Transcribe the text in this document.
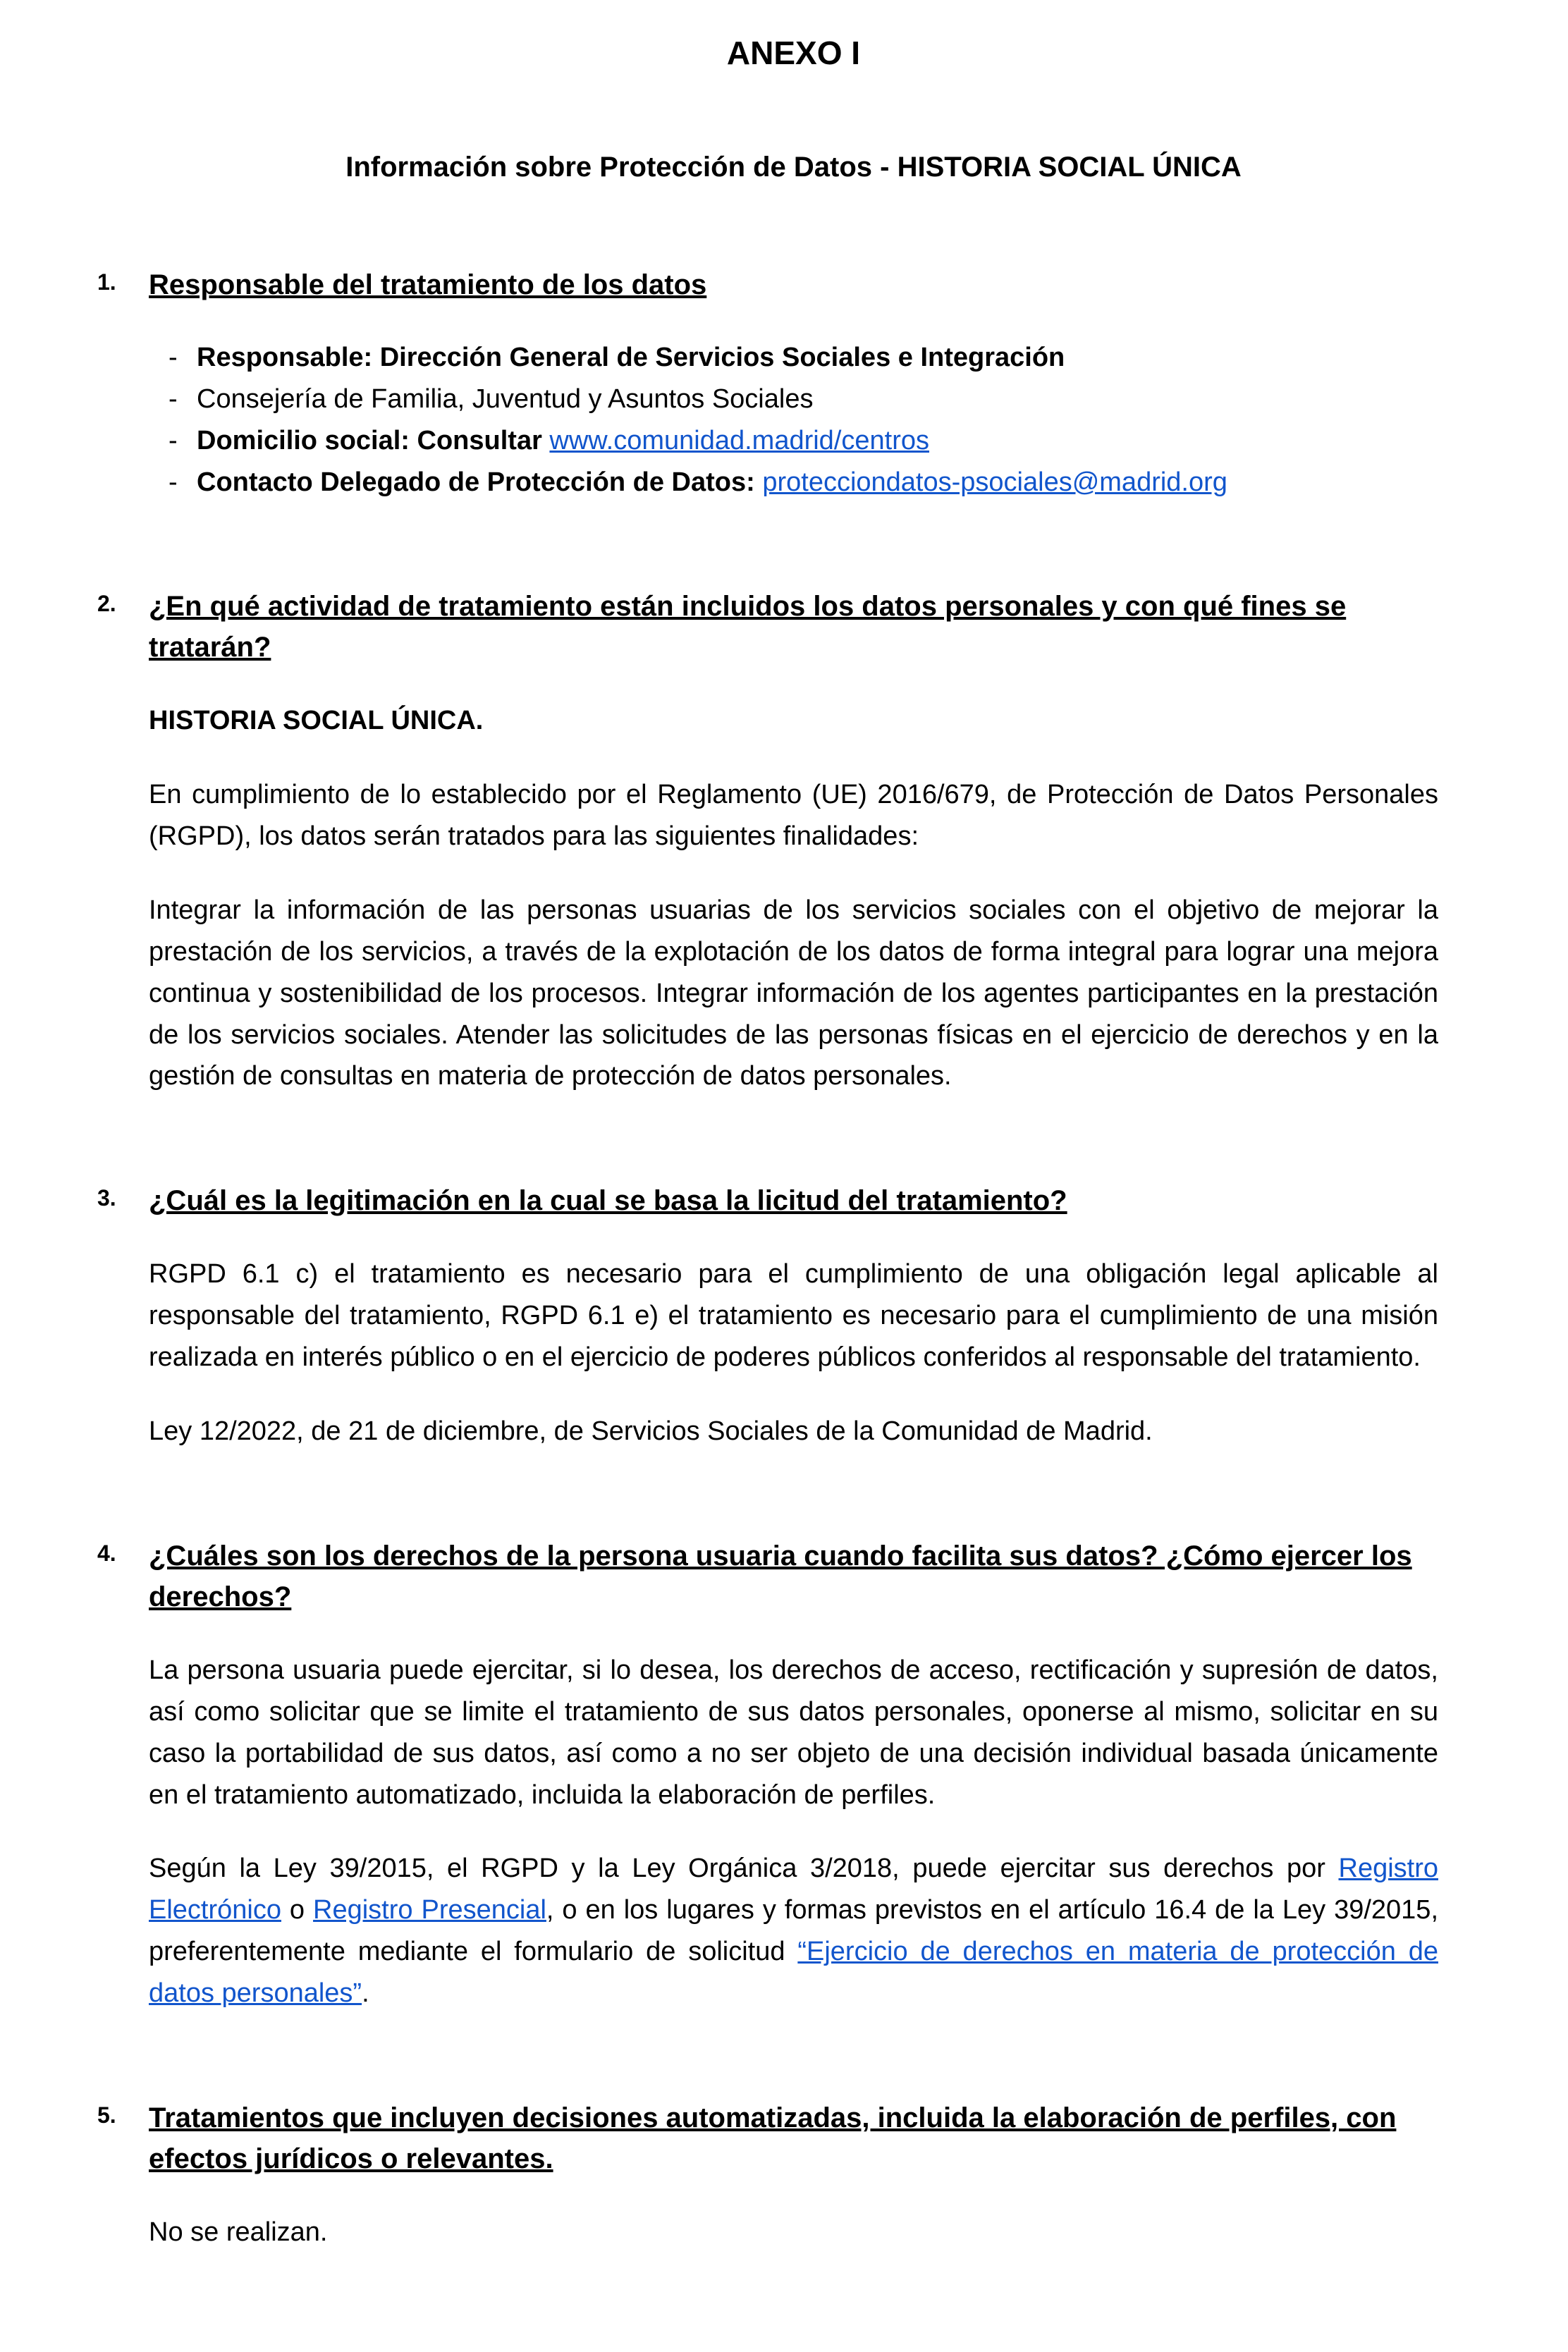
ANEXO I
Información sobre Protección de Datos - HISTORIA SOCIAL ÚNICA
1. Responsable del tratamiento de los datos
- Responsable: Dirección General de Servicios Sociales e Integración
- Consejería de Familia, Juventud y Asuntos Sociales
- Domicilio social: Consultar www.comunidad.madrid/centros
- Contacto Delegado de Protección de Datos: protecciondatos-psociales@madrid.org
2. ¿En qué actividad de tratamiento están incluidos los datos personales y con qué fines se tratarán?

HISTORIA SOCIAL ÚNICA.

En cumplimiento de lo establecido por el Reglamento (UE) 2016/679, de Protección de Datos Personales (RGPD), los datos serán tratados para las siguientes finalidades:

Integrar la información de las personas usuarias de los servicios sociales con el objetivo de mejorar la prestación de los servicios, a través de la explotación de los datos de forma integral para lograr una mejora continua y sostenibilidad de los procesos. Integrar información de los agentes participantes en la prestación de los servicios sociales. Atender las solicitudes de las personas físicas en el ejercicio de derechos y en la gestión de consultas en materia de protección de datos personales.

3. ¿Cuál es la legitimación en la cual se basa la licitud del tratamiento?

RGPD 6.1 c) el tratamiento es necesario para el cumplimiento de una obligación legal aplicable al responsable del tratamiento, RGPD 6.1 e) el tratamiento es necesario para el cumplimiento de una misión realizada en interés público o en el ejercicio de poderes públicos conferidos al responsable del tratamiento.

Ley 12/2022, de 21 de diciembre, de Servicios Sociales de la Comunidad de Madrid.

4. ¿Cuáles son los derechos de la persona usuaria cuando facilita sus datos? ¿Cómo ejercer los derechos?

La persona usuaria puede ejercitar, si lo desea, los derechos de acceso, rectificación y supresión de datos, así como solicitar que se limite el tratamiento de sus datos personales, oponerse al mismo, solicitar en su caso la portabilidad de sus datos, así como a no ser objeto de una decisión individual basada únicamente en el tratamiento automatizado, incluida la elaboración de perfiles.

Según la Ley 39/2015, el RGPD y la Ley Orgánica 3/2018, puede ejercitar sus derechos por Registro Electrónico o Registro Presencial, o en los lugares y formas previstos en el artículo 16.4 de la Ley 39/2015, preferentemente mediante el formulario de solicitud “Ejercicio de derechos en materia de protección de datos personales”.

5. Tratamientos que incluyen decisiones automatizadas, incluida la elaboración de perfiles, con efectos jurídicos o relevantes.

No se realizan.
